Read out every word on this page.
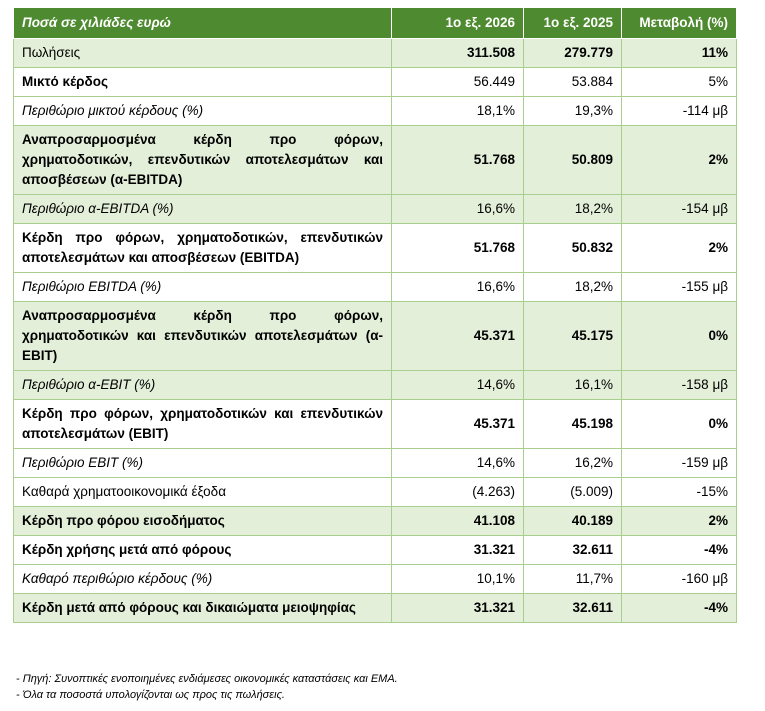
Ποσά σε χιλιάδες ευρώ	1ο εξ. 2026	1ο εξ. 2025	Μεταβολή (%)
Πωλήσεις	311.508	279.779	11%
Μικτό κέρδος	56.449	53.884	5%
Περιθώριο μικτού κέρδους (%)	18,1%	19,3%	-114 μβ
Αναπροσαρμοσμένα κέρδη προ φόρων, χρηματοδοτικών, επενδυτικών αποτελεσμάτων και αποσβέσεων (α-EBITDA)	51.768	50.809	2%
Περιθώριο α-EBITDA (%)	16,6%	18,2%	-154 μβ
Κέρδη προ φόρων, χρηματοδοτικών, επενδυτικών αποτελεσμάτων και αποσβέσεων (EBITDA)	51.768	50.832	2%
Περιθώριο EBITDA (%)	16,6%	18,2%	-155 μβ
Αναπροσαρμοσμένα κέρδη προ φόρων, χρηματοδοτικών και επενδυτικών αποτελεσμάτων (α-EBIT)	45.371	45.175	0%
Περιθώριο α-EBIT (%)	14,6%	16,1%	-158 μβ
Κέρδη προ φόρων, χρηματοδοτικών και επενδυτικών αποτελεσμάτων (EBIT)	45.371	45.198	0%
Περιθώριο EBIT (%)	14,6%	16,2%	-159 μβ
Καθαρά χρηματοοικονομικά έξοδα	(4.263)	(5.009)	-15%
Κέρδη προ φόρου εισοδήματος	41.108	40.189	2%
Κέρδη χρήσης μετά από φόρους	31.321	32.611	-4%
Καθαρό περιθώριο κέρδους (%)	10,1%	11,7%	-160 μβ
Κέρδη μετά από φόρους και δικαιώματα μειοψηφίας	31.321	32.611	-4%
- Πηγή: Συνοπτικές ενοποιημένες ενδιάμεσες οικονομικές καταστάσεις και ΕΜΑ.
- Όλα τα ποσοστά υπολογίζονται ως προς τις πωλήσεις.
